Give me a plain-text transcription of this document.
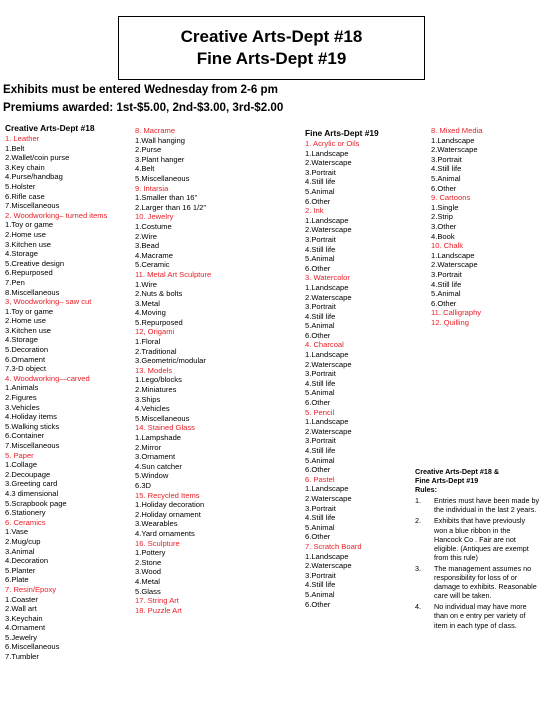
Creative Arts-Dept #18
Fine Arts-Dept #19
Exhibits must be entered Wednesday from 2-6 pm
Premiums awarded: 1st-$5.00, 2nd-$3.00, 3rd-$2.00
Creative Arts-Dept #18
1. Leather
1.Belt
2.Wallet/coin purse
3.Key chain
4.Purse/handbag
5.Holster
6.Rifle case
7.Miscellaneous
2. Woodworking– turned items
1.Toy or game
2.Home use
3.Kitchen use
4.Storage
5.Creative design
6.Repurposed
7.Pen
8.Miscellaneous
3, Woodworking– saw cut
1.Toy or game
2.Home use
3.Kitchen use
4.Storage
5.Decoration
6.Ornament
7.3-D object
4. Woodworking—carved
1.Animals
2.Figures
3.Vehicles
4.Holiday items
5.Walking sticks
6.Container
7.Miscellaneous
5. Paper
1.Collage
2.Decoupage
3.Greeting card
4.3 dimensional
5.Scrapbook page
6.Stationery
6. Ceramics
1.Vase
2.Mug/cup
3.Animal
4.Decoration
5.Planter
6.Plate
7. Resin/Epoxy
1.Coaster
2.Wall art
3.Keychain
4.Ornament
5.Jewelry
6.Miscellaneous
7.Tumbler
8. Macrame
1.Wall hanging
2.Purse
3.Plant hanger
4.Belt
5.Miscellaneous
9. Intarsia
1.Smaller than 16”
2.Larger than 16 1/2”
10. Jewelry
1.Costume
2.Wire
3.Bead
4.Macrame
5.Ceramic
11. Metal Art Sculpture
1.Wire
2.Nuts & bolts
3.Metal
4.Moving
5.Repurposed
12, Origami
1.Floral
2.Traditional
3.Geometric/modular
13. Models
1.Lego/blocks
2.Miniatures
3.Ships
4.Vehicles
5.Miscellaneous
14. Stained Glass
1.Lampshade
2.Mirror
3.Ornament
4.Sun catcher
5.Window
6.3D
15. Recycled Items
1.Holiday decoration
2.Holiday ornament
3.Wearables
4.Yard ornaments
16. Sculpture
1.Pottery
2.Stone
3.Wood
4.Metal
5.Glass
17. String Art
18. Puzzle Art
Fine Arts-Dept #19
1. Acrylic or Oils
1.Landscape
2.Waterscape
3.Portrait
4.Still life
5.Animal
6.Other
2. Ink
1.Landscape
2.Waterscape
3.Portrait
4.Still life
5.Animal
6.Other
3. Watercolor
1.Landscape
2.Waterscape
3.Portrait
4.Still life
5.Animal
6.Other
4. Charcoal
1.Landscape
2.Waterscape
3.Portrait
4.Still life
5.Animal
6.Other
5. Pencil
1.Landscape
2.Waterscape
3.Portrait
4.Still life
5.Animal
6.Other
6. Pastel
1.Landscape
2.Waterscape
3.Portrait
4.Still life
5.Animal
6.Other
7. Scratch Board
1.Landscape
2.Waterscape
3.Portrait
4.Still life
5.Animal
6.Other
8. Mixed Media
1.Landscape
2.Waterscape
3.Portrait
4.Still life
5.Animal
6.Other
9. Cartoons
1.Single
2.Strip
3.Other
4.Book
10. Chalk
1.Landscape
2.Waterscape
3.Portrait
4.Still life
5.Animal
6.Other
11. Calligraphy
12. Quilling
Creative Arts-Dept #18 &
Fine Arts-Dept #19
Rules:
1. Entries must have been made by the individual in the last 2 years.
2. Exhibits that have previously won a blue ribbon in the Hancock Co . Fair are not eligible. (Antiques are exempt from this rule)
3. The management assumes no responsibility for loss of or damage to exhibits. Reasonable care will be taken.
4. No individual may have more than on e entry per variety of item in each type of class.
